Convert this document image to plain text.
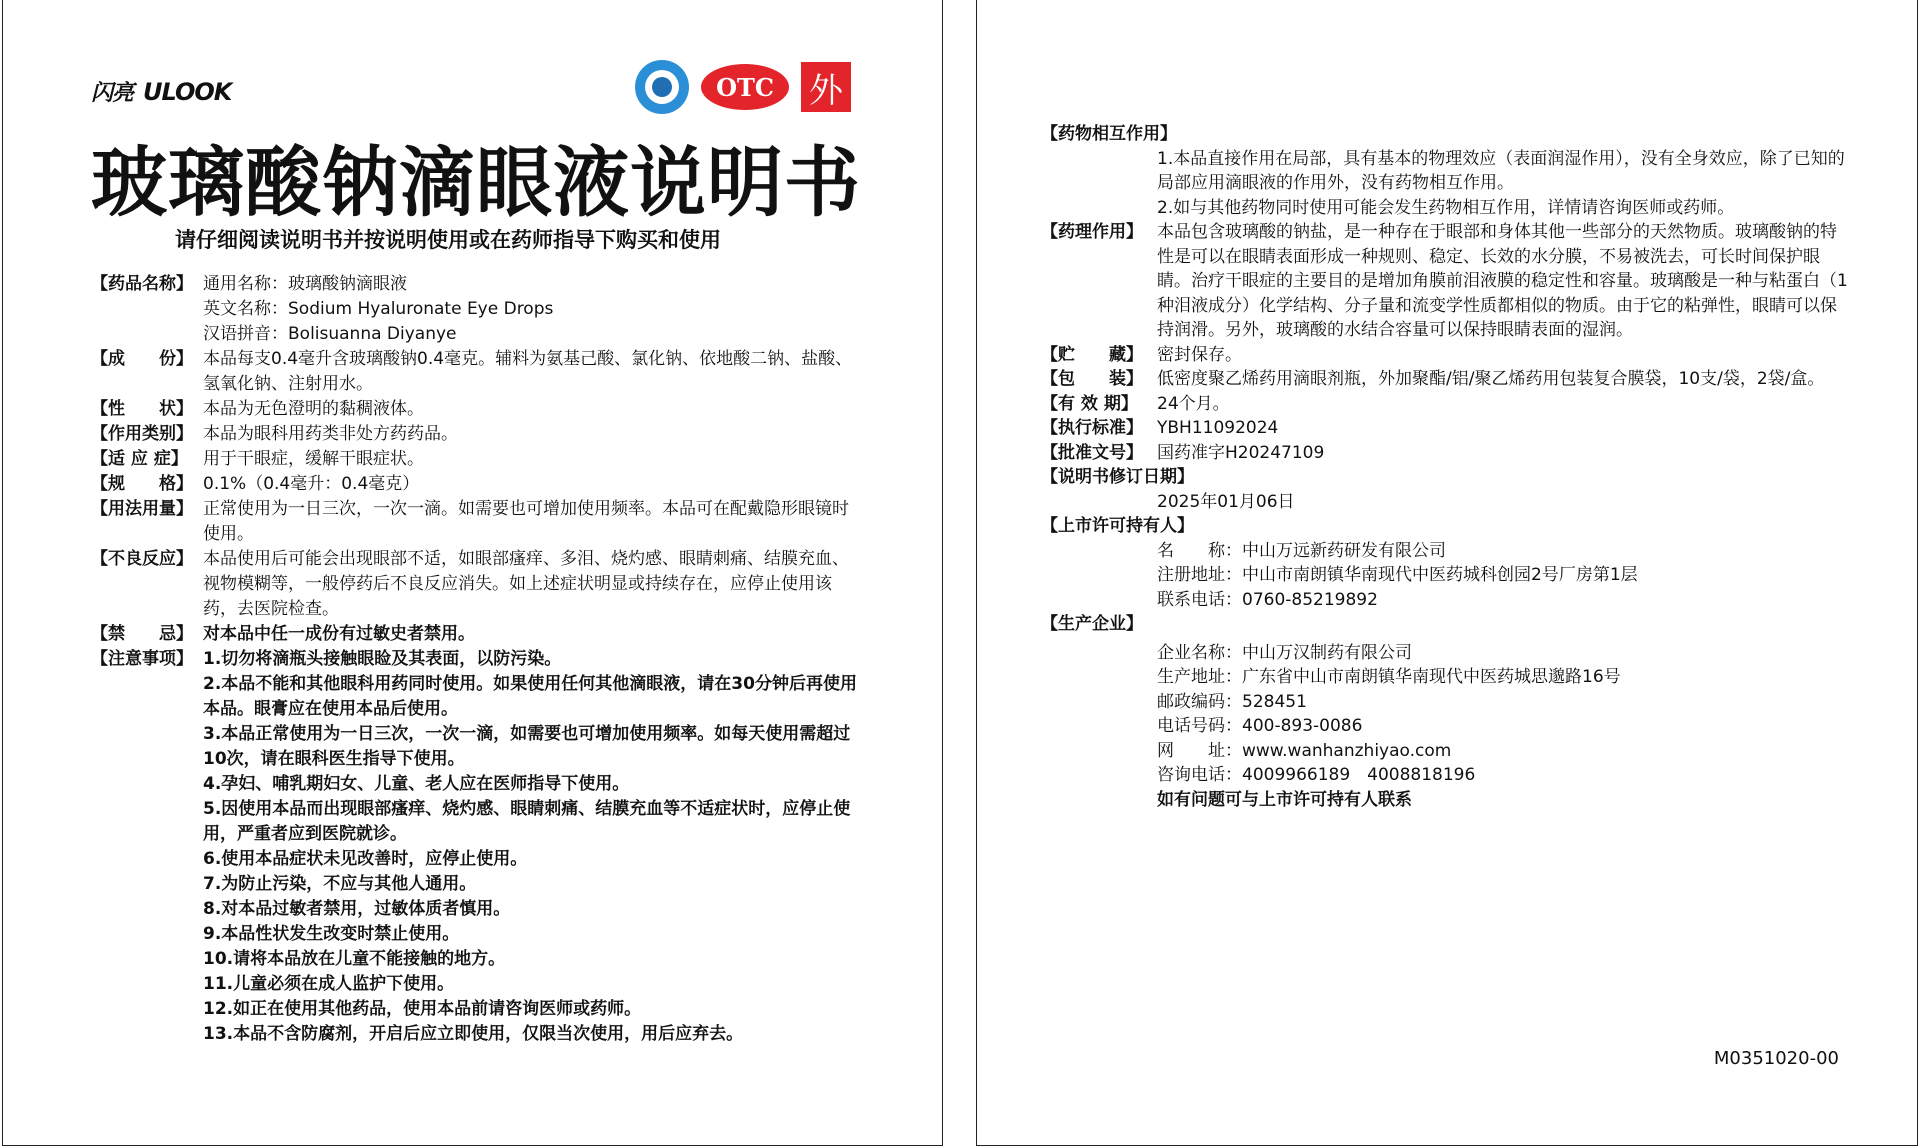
闪亮 ULOOK	OTC	外
玻璃酸钠滴眼液说明书
请仔细阅读说明书并按说明使用或在药师指导下购买和使用
【药品名称】 通用名称：玻璃酸钠滴眼液
英文名称：Sodium Hyaluronate Eye Drops
汉语拼音：Bolisuanna Diyanye
【成　　份】 本品每支0.4毫升含玻璃酸钠0.4毫克。辅料为氨基己酸、氯化钠、依地酸二钠、盐酸、氢氧化钠、注射用水。
【性　　状】 本品为无色澄明的黏稠液体。
【作用类别】 本品为眼科用药类非处方药药品。
【适 应 症】 用于干眼症，缓解干眼症状。
【规　　格】 0.1%（0.4毫升：0.4毫克）
【用法用量】 正常使用为一日三次，一次一滴。如需要也可增加使用频率。本品可在配戴隐形眼镜时使用。
【不良反应】 本品使用后可能会出现眼部不适，如眼部瘙痒、多泪、烧灼感、眼睛刺痛、结膜充血、视物模糊等，一般停药后不良反应消失。如上述症状明显或持续存在，应停止使用该药，去医院检查。
【禁　　忌】 对本品中任一成份有过敏史者禁用。
【注意事项】 1.切勿将滴瓶头接触眼睑及其表面，以防污染。
2.本品不能和其他眼科用药同时使用。如果使用任何其他滴眼液，请在30分钟后再使用本品。眼膏应在使用本品后使用。
3.本品正常使用为一日三次，一次一滴，如需要也可增加使用频率。如每天使用需超过10次，请在眼科医生指导下使用。
4.孕妇、哺乳期妇女、儿童、老人应在医师指导下使用。
5.因使用本品而出现眼部瘙痒、烧灼感、眼睛刺痛、结膜充血等不适症状时，应停止使用，严重者应到医院就诊。
6.使用本品症状未见改善时，应停止使用。
7.为防止污染，不应与其他人通用。
8.对本品过敏者禁用，过敏体质者慎用。
9.本品性状发生改变时禁止使用。
10.请将本品放在儿童不能接触的地方。
11.儿童必须在成人监护下使用。
12.如正在使用其他药品，使用本品前请咨询医师或药师。
13.本品不含防腐剂，开启后应立即使用，仅限当次使用，用后应弃去。
【药物相互作用】
1.本品直接作用在局部，具有基本的物理效应（表面润湿作用），没有全身效应，除了已知的局部应用滴眼液的作用外，没有药物相互作用。
2.如与其他药物同时使用可能会发生药物相互作用，详情请咨询医师或药师。
【药理作用】 本品包含玻璃酸的钠盐，是一种存在于眼部和身体其他一些部分的天然物质。玻璃酸钠的特性是可以在眼睛表面形成一种规则、稳定、长效的水分膜，不易被洗去，可长时间保护眼睛。治疗干眼症的主要目的是增加角膜前泪液膜的稳定性和容量。玻璃酸是一种与粘蛋白（1种泪液成分）化学结构、分子量和流变学性质都相似的物质。由于它的粘弹性，眼睛可以保持润滑。另外，玻璃酸的水结合容量可以保持眼睛表面的湿润。
【贮　　藏】 密封保存。
【包　　装】 低密度聚乙烯药用滴眼剂瓶，外加聚酯/铝/聚乙烯药用包装复合膜袋，10支/袋，2袋/盒。
【有 效 期】	24个月。
【执行标准】 YBH11092024
【批准文号】 国药准字H20247109
【说明书修订日期】
2025年01月06日
【上市许可持有人】
名　　称：中山万远新药研发有限公司
注册地址：中山市南朗镇华南现代中医药城科创园2号厂房第1层
联系电话：0760-85219892
【生产企业】
企业名称：中山万汉制药有限公司
生产地址：广东省中山市南朗镇华南现代中医药城思邈路16号
邮政编码：528451
电话号码：400-893-0086
网　　址：www.wanhanzhiyao.com
咨询电话：4009966189　4008818196
如有问题可与上市许可持有人联系
M0351020-00
